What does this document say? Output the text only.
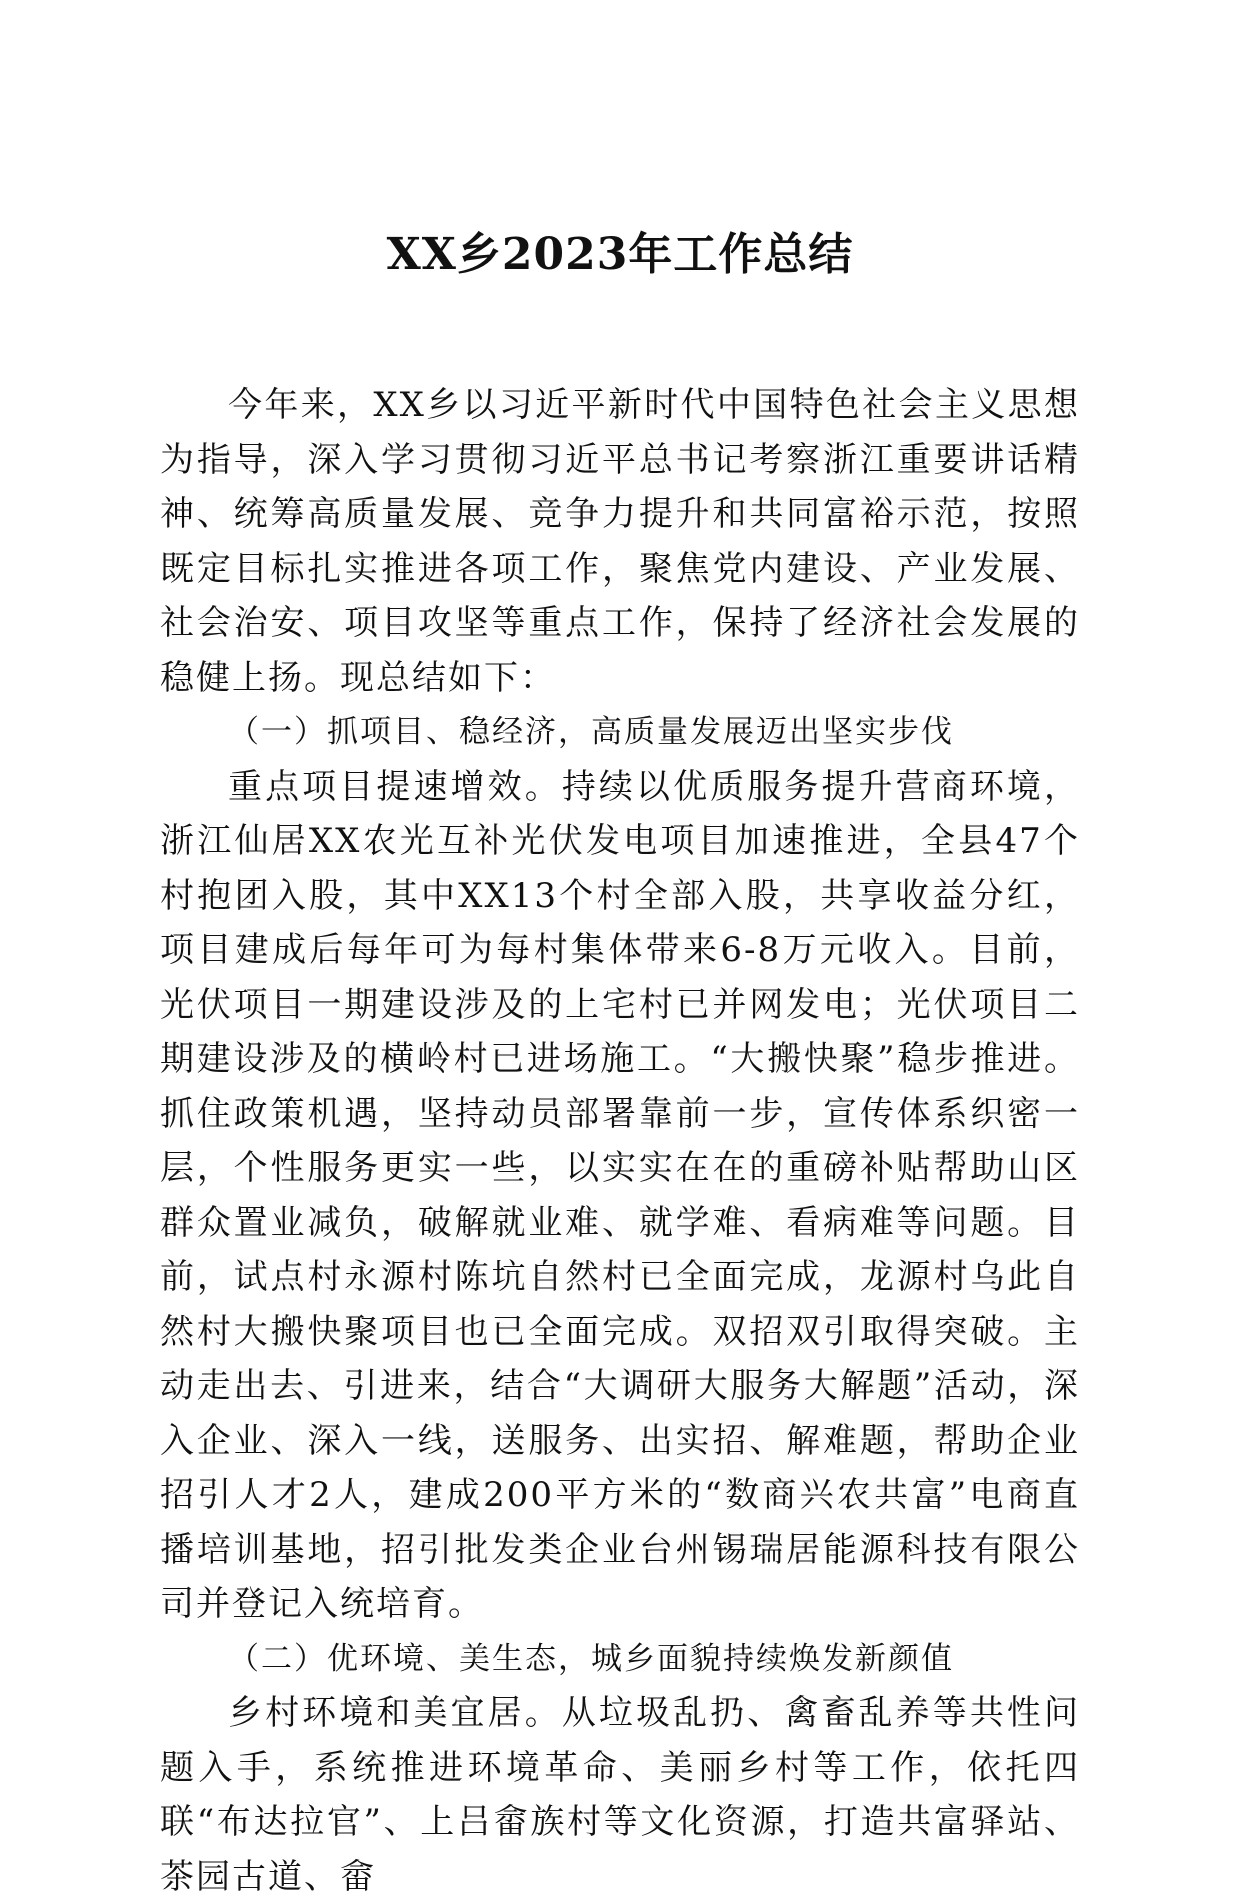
XX乡2023年工作总结

今年来，XX乡以习近平新时代中国特色社会主义思想为指导，深入学习贯彻习近平总书记考察浙江重要讲话精神、统筹高质量发展、竞争力提升和共同富裕示范，按照既定目标扎实推进各项工作，聚焦党内建设、产业发展、社会治安、项目攻坚等重点工作，保持了经济社会发展的稳健上扬。现总结如下：

（一）抓项目、稳经济，高质量发展迈出坚实步伐

重点项目提速增效。持续以优质服务提升营商环境，浙江仙居XX农光互补光伏发电项目加速推进，全县47个村抱团入股，其中XX13个村全部入股，共享收益分红，项目建成后每年可为每村集体带来6-8万元收入。目前，光伏项目一期建设涉及的上宅村已并网发电；光伏项目二期建设涉及的横岭村已进场施工。“大搬快聚”稳步推进。抓住政策机遇，坚持动员部署靠前一步，宣传体系织密一层，个性服务更实一些，以实实在在的重磅补贴帮助山区群众置业减负，破解就业难、就学难、看病难等问题。目前，试点村永源村陈坑自然村已全面完成，龙源村乌此自然村大搬快聚项目也已全面完成。双招双引取得突破。主动走出去、引进来，结合“大调研大服务大解题”活动，深入企业、深入一线，送服务、出实招、解难题，帮助企业招引人才2人，建成200平方米的“数商兴农共富”电商直播培训基地，招引批发类企业台州锡瑞居能源科技有限公司并登记入统培育。

（二）优环境、美生态，城乡面貌持续焕发新颜值

乡村环境和美宜居。从垃圾乱扔、禽畜乱养等共性问题入手，系统推进环境革命、美丽乡村等工作，依托四联“布达拉官”、上吕畲族村等文化资源，打造共富驿站、茶园古道、畲
